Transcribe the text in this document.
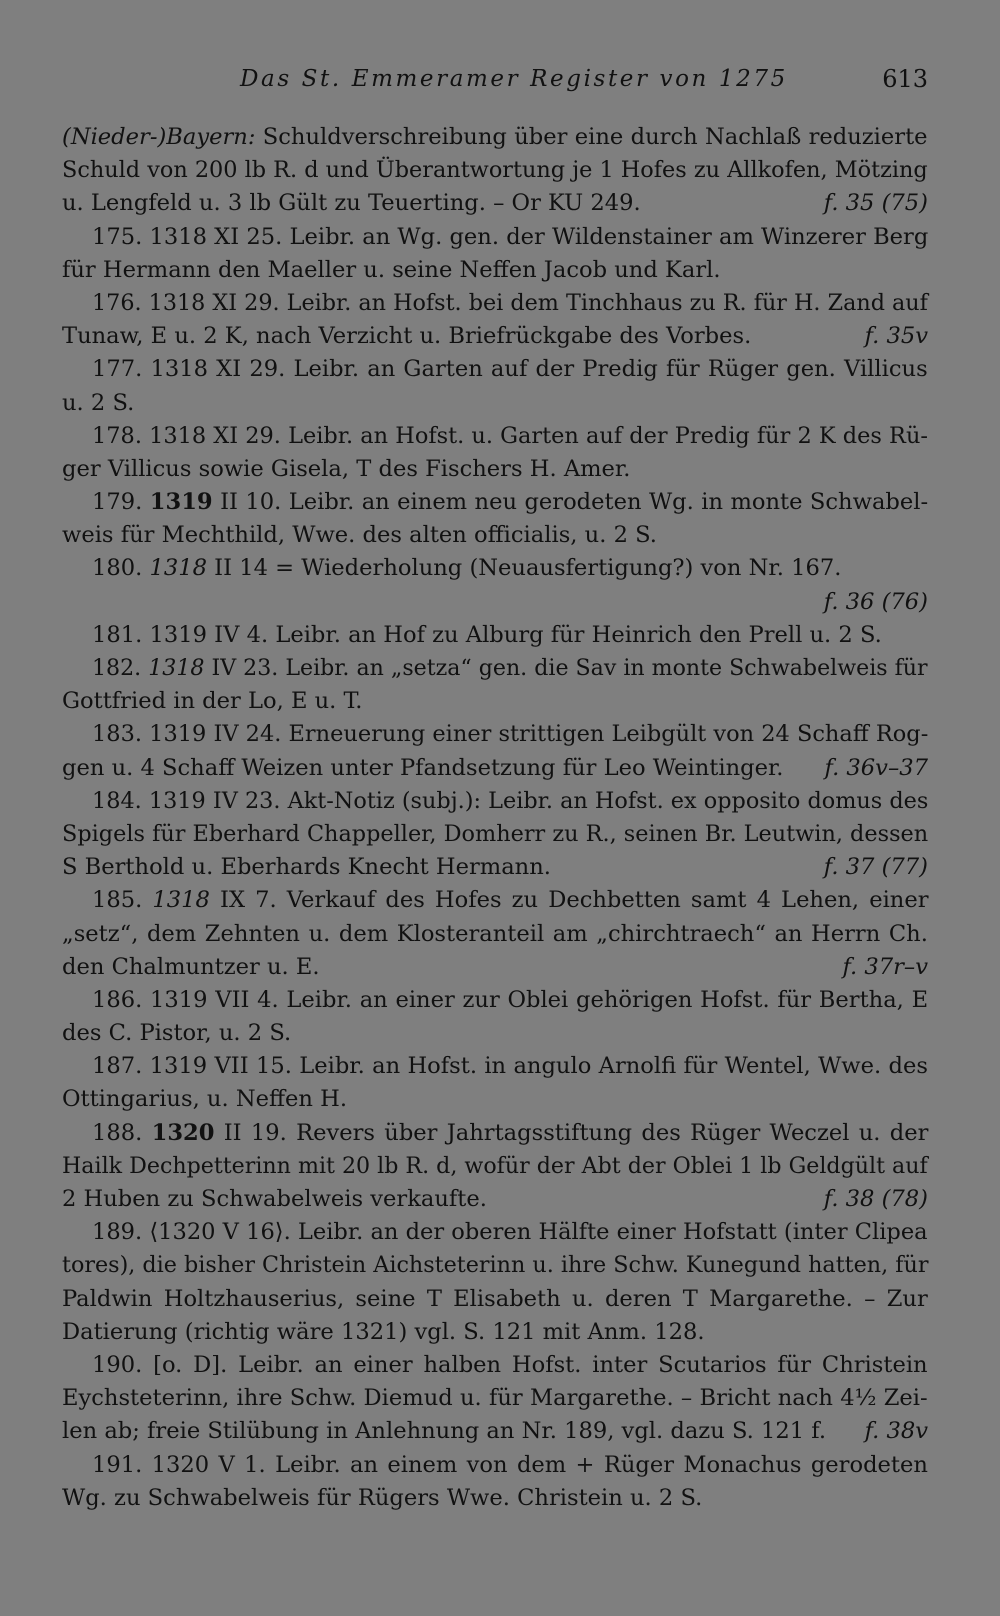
Das St. Emmeramer Register von 1275	613
(Nieder-)Bayern: Schuldverschreibung über eine durch Nachlaß reduzierte
Schuld von 200 lb R. d und Überantwortung je 1 Hofes zu Allkofen, Mötzing
u. Lengfeld u. 3 lb Gült zu Teuerting. – Or KU 249.	f. 35 (75)
175. 1318 XI 25. Leibr. an Wg. gen. der Wildenstainer am Winzerer Berg
für Hermann den Maeller u. seine Neffen Jacob und Karl.
176. 1318 XI 29. Leibr. an Hofst. bei dem Tinchhaus zu R. für H. Zand auf
Tunaw, E u. 2 K, nach Verzicht u. Briefrückgabe des Vorbes.	f. 35v
177. 1318 XI 29. Leibr. an Garten auf der Predig für Rüger gen. Villicus
u. 2 S.
178. 1318 XI 29. Leibr. an Hofst. u. Garten auf der Predig für 2 K des Rü-
ger Villicus sowie Gisela, T des Fischers H. Amer.
179. 1319 II 10. Leibr. an einem neu gerodeten Wg. in monte Schwabel-
weis für Mechthild, Wwe. des alten officialis, u. 2 S.
180. 1318 II 14 = Wiederholung (Neuausfertigung?) von Nr. 167.
f. 36 (76)
181. 1319 IV 4. Leibr. an Hof zu Alburg für Heinrich den Prell u. 2 S.
182. 1318 IV 23. Leibr. an „setza“ gen. die Sav in monte Schwabelweis für
Gottfried in der Lo, E u. T.
183. 1319 IV 24. Erneuerung einer strittigen Leibgült von 24 Schaff Rog-
gen u. 4 Schaff Weizen unter Pfandsetzung für Leo Weintinger. f. 36v–37
184. 1319 IV 23. Akt-Notiz (subj.): Leibr. an Hofst. ex opposito domus des
Spigels für Eberhard Chappeller, Domherr zu R., seinen Br. Leutwin, dessen
S Berthold u. Eberhards Knecht Hermann.	f. 37 (77)
185. 1318 IX 7. Verkauf des Hofes zu Dechbetten samt 4 Lehen, einer
„setz“, dem Zehnten u. dem Klosteranteil am „chirchtraech“ an Herrn Ch.
den Chalmuntzer u. E.	f. 37r–v
186. 1319 VII 4. Leibr. an einer zur Oblei gehörigen Hofst. für Bertha, E
des C. Pistor, u. 2 S.
187. 1319 VII 15. Leibr. an Hofst. in angulo Arnolfi für Wentel, Wwe. des
Ottingarius, u. Neffen H.
188. 1320 II 19. Revers über Jahrtagsstiftung des Rüger Weczel u. der
Hailk Dechpetterinn mit 20 lb R. d, wofür der Abt der Oblei 1 lb Geldgült auf
2 Huben zu Schwabelweis verkaufte.	f. 38 (78)
189. ⟨1320 V 16⟩. Leibr. an der oberen Hälfte einer Hofstatt (inter Clipea
tores), die bisher Christein Aichsteterinn u. ihre Schw. Kunegund hatten, für
Paldwin Holtzhauserius, seine T Elisabeth u. deren T Margarethe. – Zur
Datierung (richtig wäre 1321) vgl. S. 121 mit Anm. 128.
190. [o. D]. Leibr. an einer halben Hofst. inter Scutarios für Christein
Eychsteterinn, ihre Schw. Diemud u. für Margarethe. – Bricht nach 4½ Zei-
len ab; freie Stilübung in Anlehnung an Nr. 189, vgl. dazu S. 121 f. f. 38v
191. 1320 V 1. Leibr. an einem von dem + Rüger Monachus gerodeten
Wg. zu Schwabelweis für Rügers Wwe. Christein u. 2 S.
